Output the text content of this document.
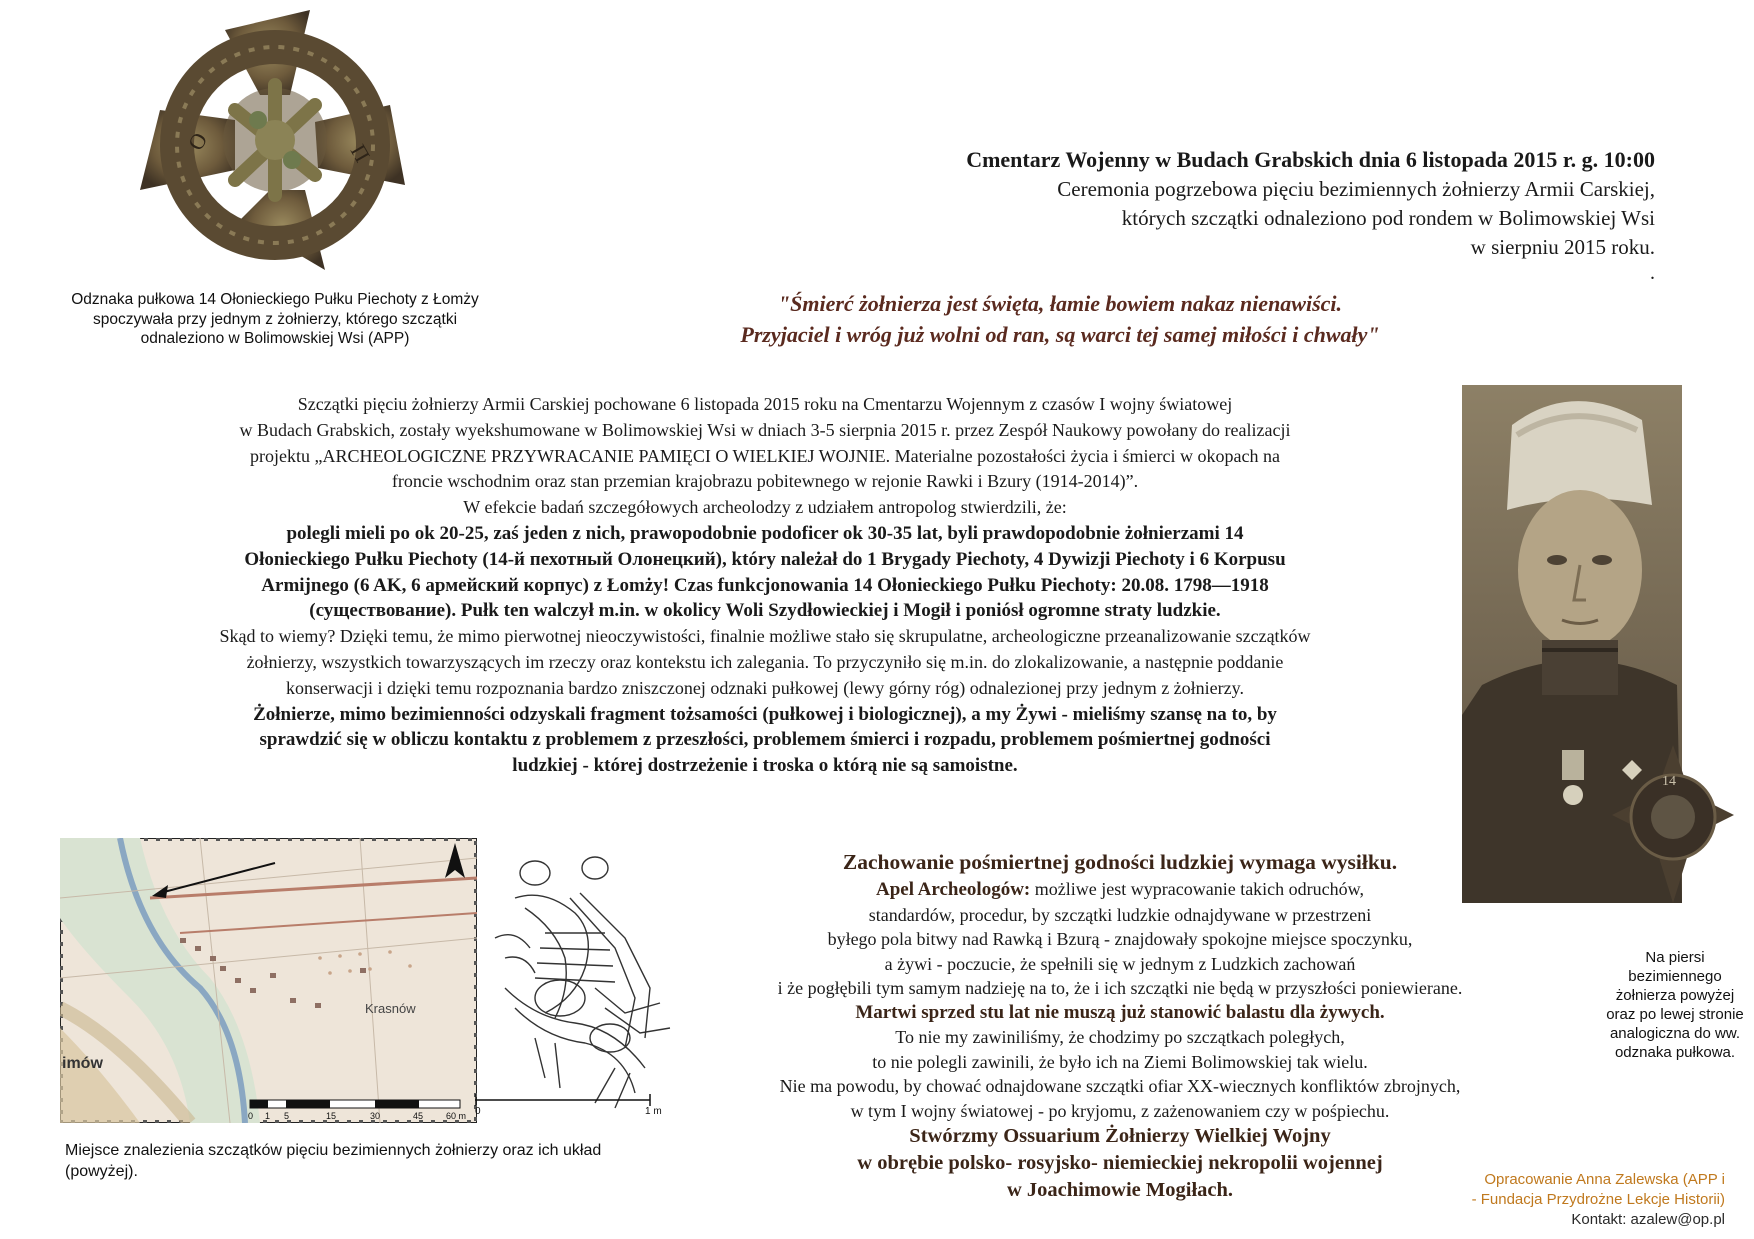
O	П
Odznaka pułkowa 14 Ołonieckiego Pułku Piechoty z Łomży spoczywała przy jednym z żołnierzy, którego szczątki odnaleziono w Bolimowskiej Wsi (APP)
Cmentarz Wojenny w Budach Grabskich dnia 6 listopada 2015 r. g. 10:00
Ceremonia pogrzebowa pięciu bezimiennych żołnierzy Armii Carskiej,
których szczątki odnaleziono pod rondem w Bolimowskiej Wsi
w sierpniu 2015 roku.
.
"Śmierć żołnierza jest święta, łamie bowiem nakaz nienawiści.
Przyjaciel i wróg już wolni od ran, są warci tej samej miłości i chwały"
Szczątki pięciu żołnierzy Armii Carskiej pochowane 6 listopada 2015 roku na Cmentarzu Wojennym z czasów I wojny światowej
w Budach Grabskich, zostały wyekshumowane w Bolimowskiej Wsi w dniach 3-5 sierpnia 2015 r. przez Zespół Naukowy powołany do realizacji
projektu „ARCHEOLOGICZNE PRZYWRACANIE PAMIĘCI O WIELKIEJ WOJNIE. Materialne pozostałości życia i śmierci w okopach na
froncie wschodnim oraz stan przemian krajobrazu pobitewnego w rejonie Rawki i Bzury (1914-2014)”.
W efekcie badań szczegółowych archeolodzy z udziałem antropolog stwierdzili, że:
polegli mieli po ok 20-25, zaś jeden z nich, prawopodobnie podoficer ok 30-35 lat, byli prawdopodobnie żołnierzami 14
Ołonieckiego Pułku Piechoty (14-й пехотный Олонецкий), który należał do 1 Brygady Piechoty, 4 Dywizji Piechoty i 6 Korpusu
Armijnego (6 AK, 6 армейский корпус) z Łomży! Czas funkcjonowania 14 Ołonieckiego Pułku Piechoty: 20.08. 1798—1918
(существование). Pułk ten walczył m.in. w okolicy Woli Szydłowieckiej i Mogił i poniósł ogromne straty ludzkie.
Skąd to wiemy? Dzięki temu, że mimo pierwotnej nieoczywistości, finalnie możliwe stało się skrupulatne, archeologiczne przeanalizowanie szczątków
żołnierzy, wszystkich towarzyszących im rzeczy oraz kontekstu ich zalegania. To przyczyniło się m.in. do zlokalizowanie, a następnie poddanie
konserwacji i dzięki temu rozpoznania bardzo zniszczonej odznaki pułkowej (lewy górny róg) odnalezionej przy jednym z żołnierzy.
Żołnierze, mimo bezimienności odzyskali fragment tożsamości (pułkowej i biologicznej), a my Żywi - mieliśmy szansę na to, by
sprawdzić się w obliczu kontaktu z problemem z przeszłości, problemem śmierci i rozpadu, problemem pośmiertnej godności
ludzkiej - której dostrzeżenie i troska o którą nie są samoistne.
14
Na piersi bezimiennego żołnierza powyżej oraz po lewej stronie analogiczna do ww. odznaka pułkowa.
Krasnów
imów
0 1 5	15	30	45	60 m 0	1 m
Miejsce znalezienia szczątków pięciu bezimiennych żołnierzy oraz ich układ (powyżej).
Zachowanie pośmiertnej godności ludzkiej wymaga wysiłku.
Apel Archeologów: możliwe jest wypracowanie takich odruchów,
standardów, procedur, by szczątki ludzkie odnajdywane w przestrzeni
byłego pola bitwy nad Rawką i Bzurą - znajdowały spokojne miejsce spoczynku,
a żywi - poczucie, że spełnili się w jednym z Ludzkich zachowań
i że pogłębili tym samym nadzieję na to, że i ich szczątki nie będą w przyszłości poniewierane.
Martwi sprzed stu lat nie muszą już stanowić balastu dla żywych.
To nie my zawiniliśmy, że chodzimy po szczątkach poległych,
to nie polegli zawinili, że było ich na Ziemi Bolimowskiej tak wielu.
Nie ma powodu, by chować odnajdowane szczątki ofiar XX-wiecznych konfliktów zbrojnych,
w tym I wojny światowej - po kryjomu, z zażenowaniem czy w pośpiechu.
Stwórzmy Ossuarium Żołnierzy Wielkiej Wojny
w obrębie polsko- rosyjsko- niemieckiej nekropolii wojennej
w Joachimowie Mogiłach.	Opracowanie Anna Zalewska (APP i
- Fundacja Przydrożne Lekcje Historii)
Kontakt: azalew@op.pl
